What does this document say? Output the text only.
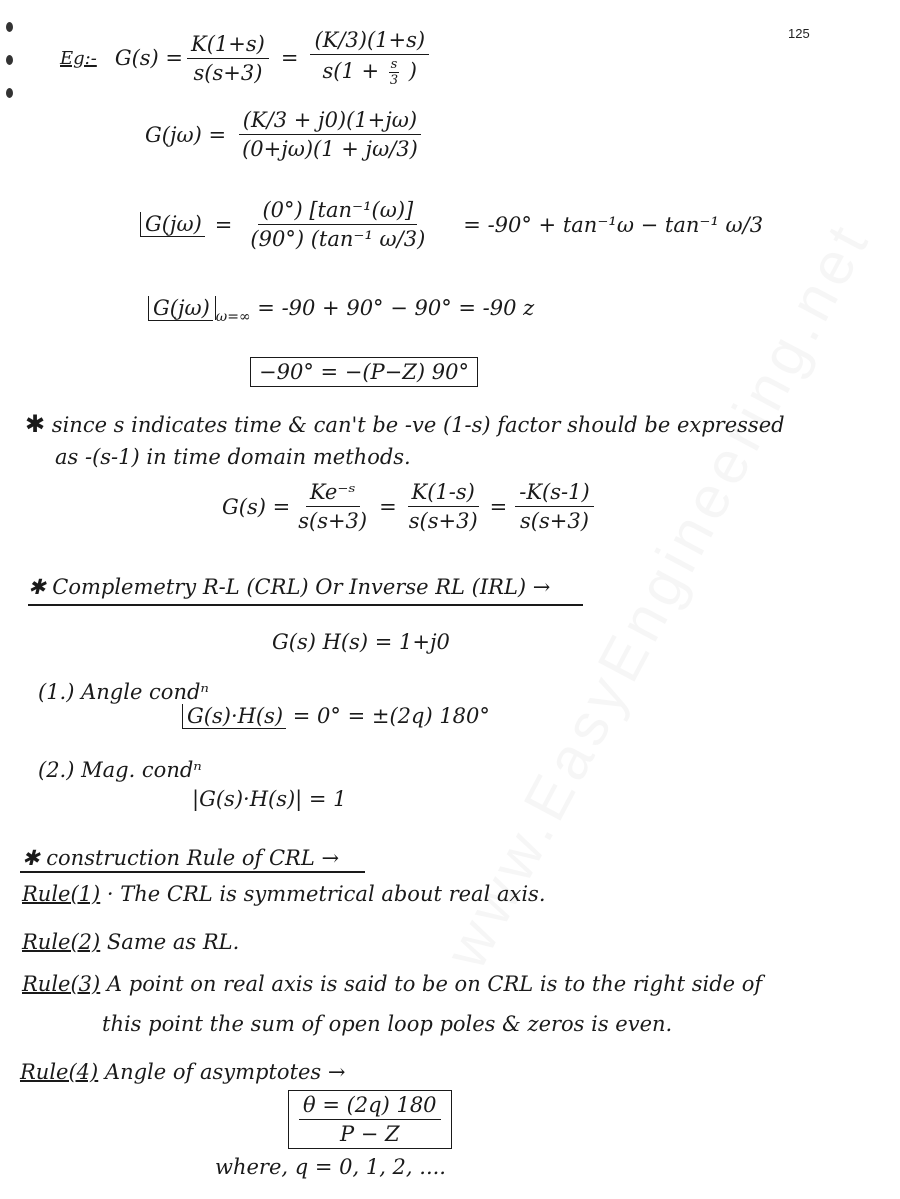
125
Eg:- $G(s) = \frac{K(1+s)}{s(s+3)} = \frac{(K/3)(1+s)}{s(1 + \frac{s}{3} )}$
$G(j\omega) = \frac{(K/3 + j0)(1+j\omega)}{(0+j\omega)(1 + j\omega/3)}$
$G(j\omega) = \frac{\text{(0°) [tan⁻¹(ω)]}}{\text{(90°) (tan⁻¹ ω/3)}} = -90^\circ + \tan^{-1}\omega - \tan^{-1}$ ω/3
G(jω) $_{\omega=\infty}$ = -90 + 90° − 90° = -90 z
−90° = −(P−Z) 90°
✱ since s indicates time & can't be -ve (1-s) factor should be expressed
as -(s-1) in time domain methods.
$G(s) = \frac{\text{Ke⁻ˢ}}{s(s+3)} = \frac{K(1-s)}{s(s+3)} = \frac{-K(s-1)}{s(s+3)}$
✱ Complemetry R-L (CRL) Or Inverse RL (IRL) →
G(s) H(s) = 1+j0
(1.) Angle condⁿ
G(s)·H(s) = 0° = ±(2q) 180°
(2.) Mag. condⁿ
|G(s)·H(s)| = 1
✱ construction Rule of CRL →
Rule(1) · The CRL is symmetrical about real axis.
Rule(2) Same as RL.
Rule(3) A point on real axis is said to be on CRL is to the right side of
this point the sum of open loop poles & zeros is even.
Rule(4) Angle of asymptotes →
$\frac{\theta = (2q) 180}{P - Z}$
where, q = 0, 1, 2, ....
